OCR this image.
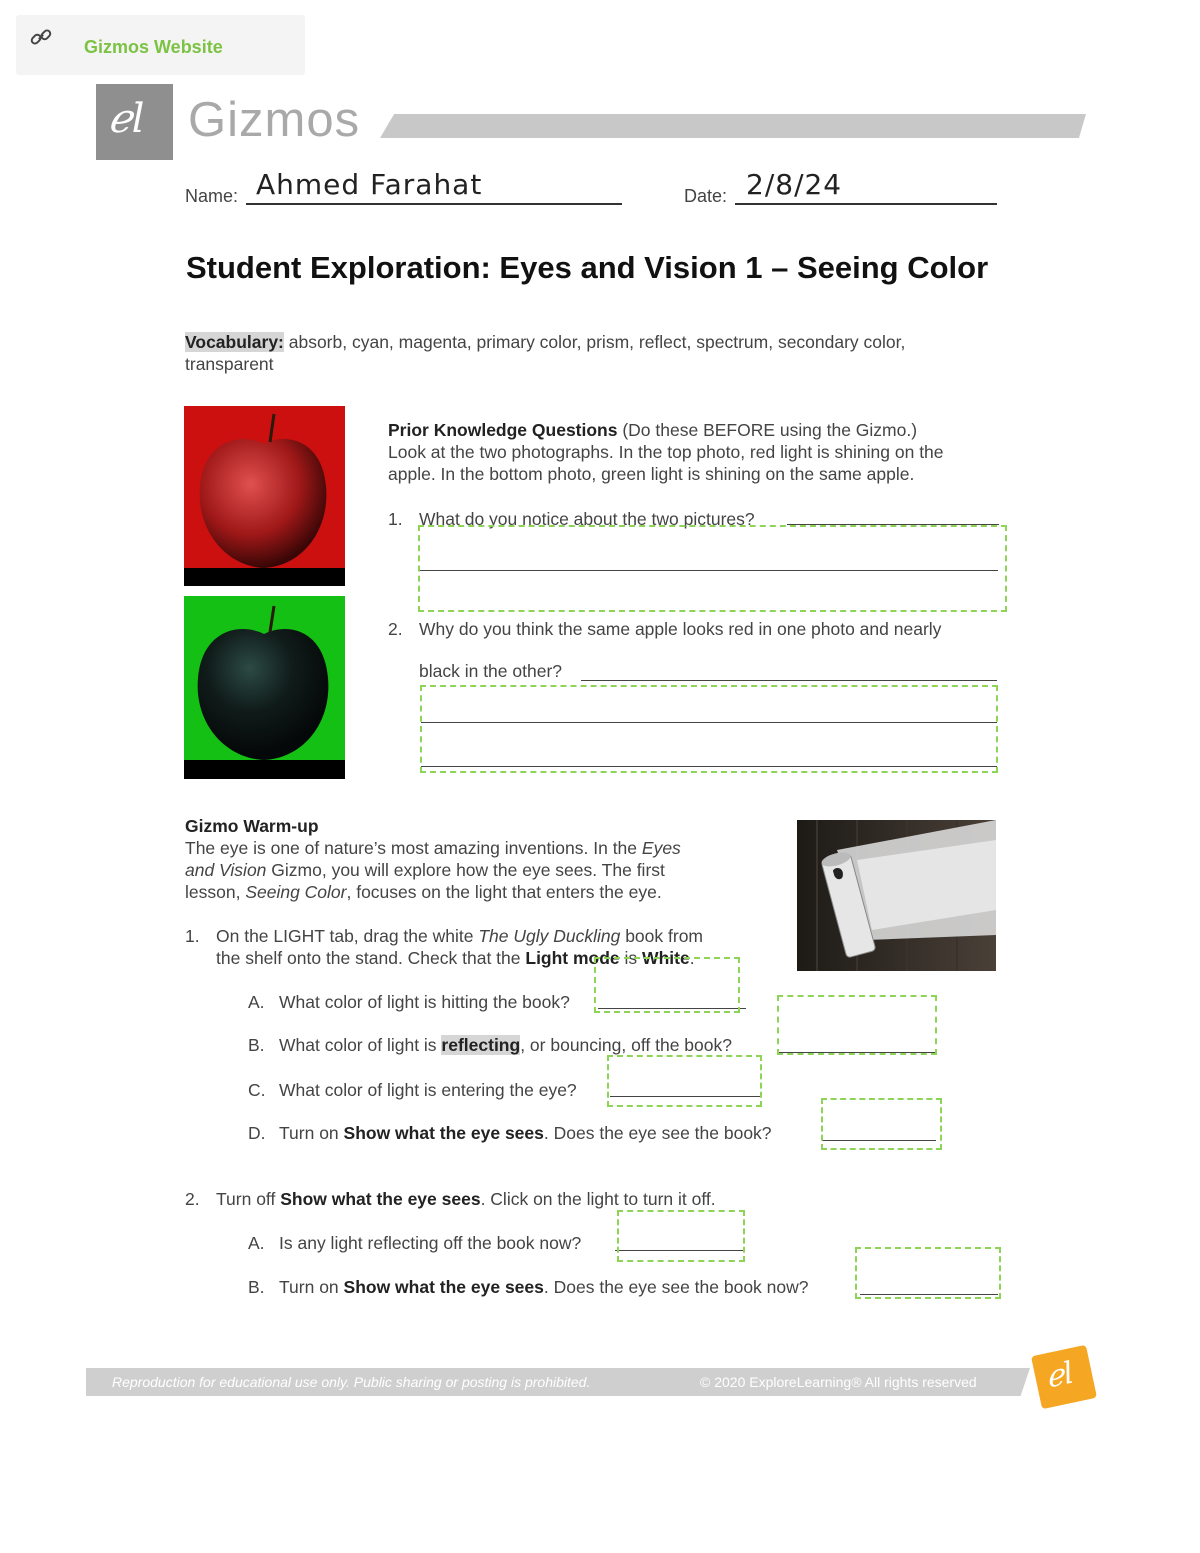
Gizmos Website
ℯl Gizmos
Name: Ahmed Farahat	Date: 2/8/24
Student Exploration: Eyes and Vision 1 – Seeing Color
Vocabulary: absorb, cyan, magenta, primary color, prism, reflect, spectrum, secondary color,
transparent
Prior Knowledge Questions (Do these BEFORE using the Gizmo.)
Look at the two photographs. In the top photo, red light is shining on the
apple. In the bottom photo, green light is shining on the same apple.
1. What do you notice about the two pictures?
2. Why do you think the same apple looks red in one photo and nearly
black in the other?
Gizmo Warm-up
The eye is one of nature’s most amazing inventions. In the Eyes
and Vision Gizmo, you will explore how the eye sees. The first
lesson, Seeing Color, focuses on the light that enters the eye.
1. On the LIGHT tab, drag the white The Ugly Duckling book from
the shelf onto the stand. Check that the Light mode is White.
A. What color of light is hitting the book?
B. What color of light is reflecting, or bouncing, off the book?
C. What color of light is entering the eye?
D. Turn on Show what the eye sees. Does the eye see the book?
2. Turn off Show what the eye sees. Click on the light to turn it off.
A. Is any light reflecting off the book now?
B. Turn on Show what the eye sees. Does the eye see the book now?
Reproduction for educational use only. Public sharing or posting is prohibited.	© 2020 ExploreLearning® All rights reserved ℯl
